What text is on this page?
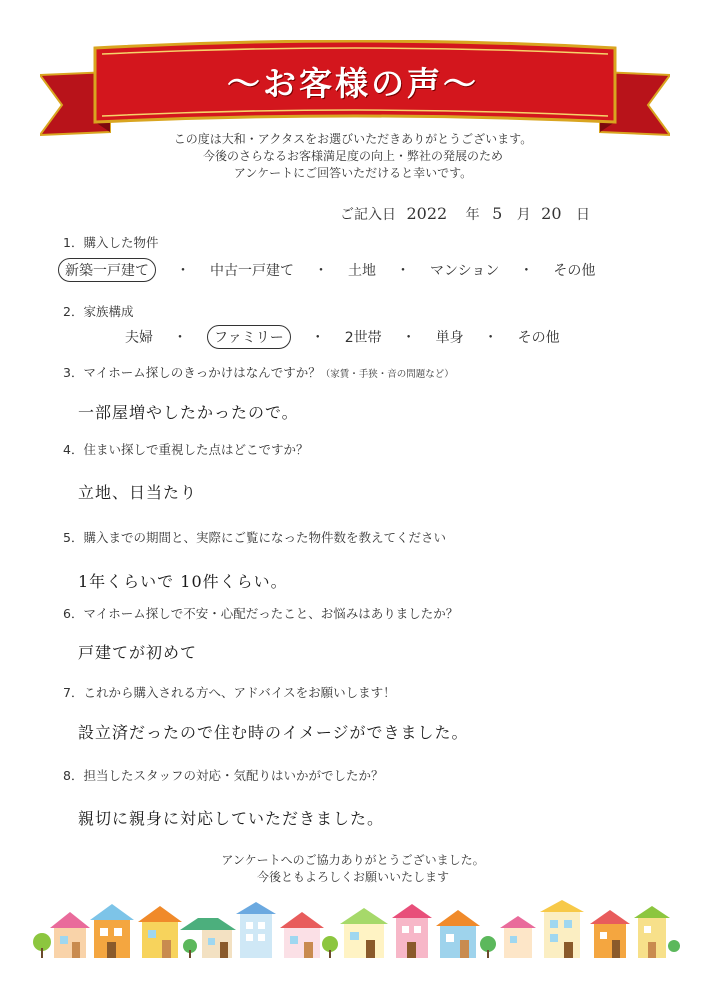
～お客様の声～
この度は大和・アクタスをお選びいただきありがとうございます。
今後のさらなるお客様満足度の向上・弊社の発展のため
アンケートにご回答いただけると幸いです。
ご記入日 2022 年 5 月 20 日
1．購入した物件
新築一戸建て ・ 中古一戸建て ・ 土地 ・ マンション ・ その他
2．家族構成
夫婦 ・ ファミリー ・ 2世帯 ・ 単身 ・ その他
3．マイホーム探しのきっかけはなんですか？（家賃・手狭・音の問題など）
一部屋増やしたかったので。
4．住まい探しで重視した点はどこですか？
立地、日当たり
5．購入までの期間と、実際にご覧になった物件数を教えてください
1年くらいで 10件くらい。
6．マイホーム探しで不安・心配だったこと、お悩みはありましたか？
戸建てが初めて
7．これから購入される方へ、アドバイスをお願いします！
設立済だったので住む時のイメージができました。
8．担当したスタッフの対応・気配りはいかがでしたか？
親切に親身に対応していただきました。
アンケートへのご協力ありがとうございました。
今後ともよろしくお願いいたします
